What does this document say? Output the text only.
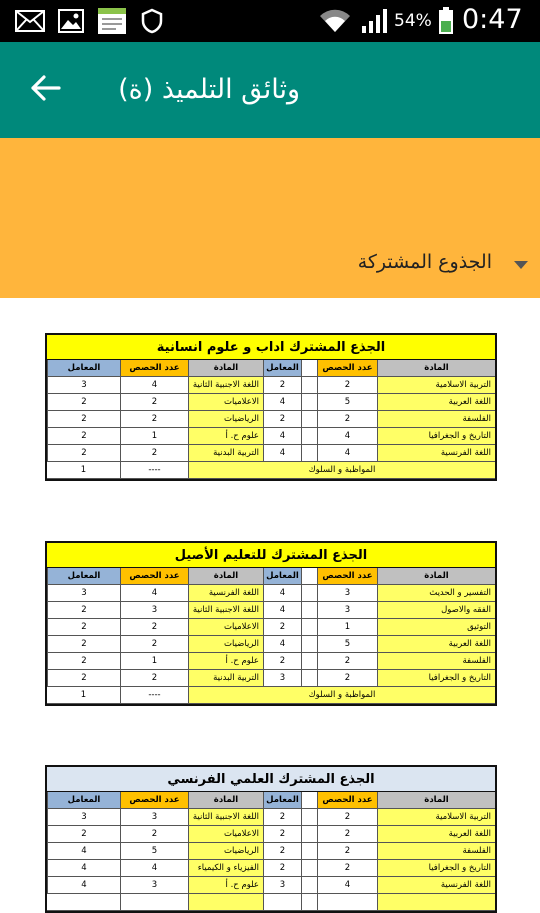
54% 0:47
وثائق التلميذ (ة)
الجذوع المشتركة
الجذع المشترك اداب و علوم انسانية
المادة
عدد الحصص
المعامل
المادة
عدد الحصص
المعامل
التربية الاسلامية
2
2
اللغة الاجنبية الثانية
4
3
اللغة العربية
5
4
الاعلاميات
2
2
الفلسفة
2
2
الرياضيات
2
2
التاريخ و الجغرافيا
4
4
علوم ح. أ
1
2
اللغة الفرنسية
4
4
التربية البدنية
2
2
المواظبة و السلوك
----
1
الجذع المشترك للتعليم الأصيل
المادة
عدد الحصص
المعامل
المادة
عدد الحصص
المعامل
التفسير و الحديث
3
4
اللغة الفرنسية
4
3
الفقه والاصول
3
4
اللغة الاجنبية الثانية
3
2
التوثيق
1
2
الاعلاميات
2
2
اللغة العربية
5
4
الرياضيات
2
2
الفلسفة
2
2
علوم ح. أ
1
2
التاريخ و الجغرافيا
2
3
التربية البدنية
2
2
المواظبة و السلوك
----
1
الجذع المشترك العلمي الفرنسي
المادة
عدد الحصص
المعامل
المادة
عدد الحصص
المعامل
التربية الاسلامية
2
2
اللغة الاجنبية الثانية
3
3
اللغة العربية
2
2
الاعلاميات
2
2
الفلسفة
2
2
الرياضيات
5
4
التاريخ و الجغرافيا
2
2
الفيزياء و الكيمياء
4
4
اللغة الفرنسية
4
3
علوم ح. أ
3
4
